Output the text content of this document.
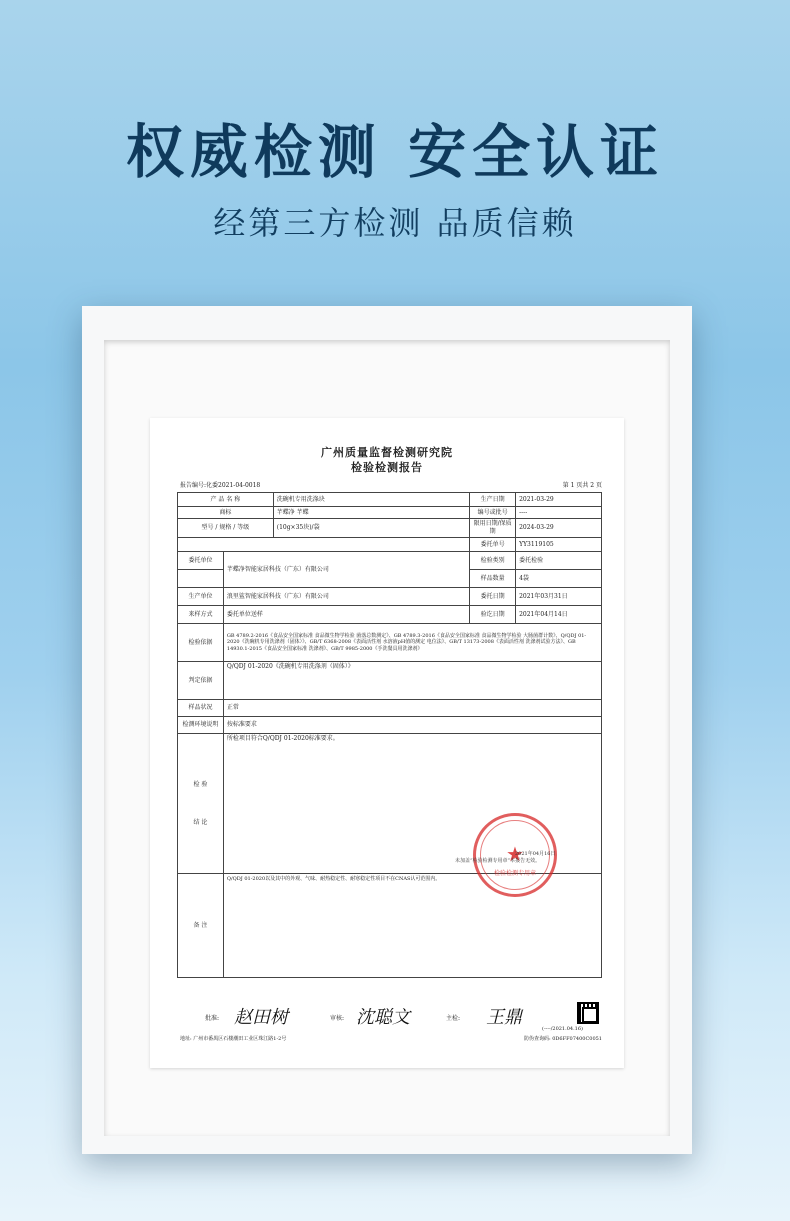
权威检测 安全认证
经第三方检测 品质信赖
广州质量监督检测研究院
检验检测报告
报告编号:化委2021-04-0018	第 1 页共 2 页
产 品 名 称		洗碗机专用洗涤块	生产日期	2021-03-29
商标		芊蝶净 芊蝶	编号或批号	----
型号 / 规格 / 等级		(10g×35块)/袋	限用日期/保质期	2024-03-29
			委托单号	YY3119105
委托单位	芊蝶净智能家居科技（广东）有限公司		检验类别	委托检验
			样品数量	4袋
生产单位	浪里鲨智能家居科技（广东）有限公司		委托日期	2021年03月31日
来样方式	委托单位送样		验讫日期	2021年04月14日
检验依据	GB 4789.2-2016《食品安全国家标准 食品微生物学检验 菌落总数测定》、GB 4789.3-2016《食品安全国家标准 食品微生物学检验 大肠菌群计数》、Q/QDJ 01-2020《洗碗机专用洗涤剂（固体）》、GB/T 6368-2008《表面活性剂 水溶液pH值的测定 电位法》、GB/T 13173-2008《表面活性剂 洗涤剂试验方法》、GB 14930.1-2015《食品安全国家标准 洗涤剂》、GB/T 9985-2000《手洗餐具用洗涤剂》			
判定依据	Q/QDJ 01-2020《洗碗机专用洗涤剂（固体）》			
样品状况	正常			
检测环境说明	按标准要求			

检 验
结 论	所检项目符合Q/QDJ 01-2020标准要求。			
备 注	Q/QDJ 01-2020以及其中的外观、气味、耐热稳定性、耐寒稳定性项目不在CNAS认可范围内。			
★
检验检测专用章
2021年04月16日
未加盖“检验检测专用章”本报告无效。
批准: 赵田树	审核: 沈聪文	主检: 王鼎
(----/2021.04.16)
地址: 广州市番禺区石楼潮田工业区珠江路1-2号	防伪查询码: 0D6FF07400C0051
